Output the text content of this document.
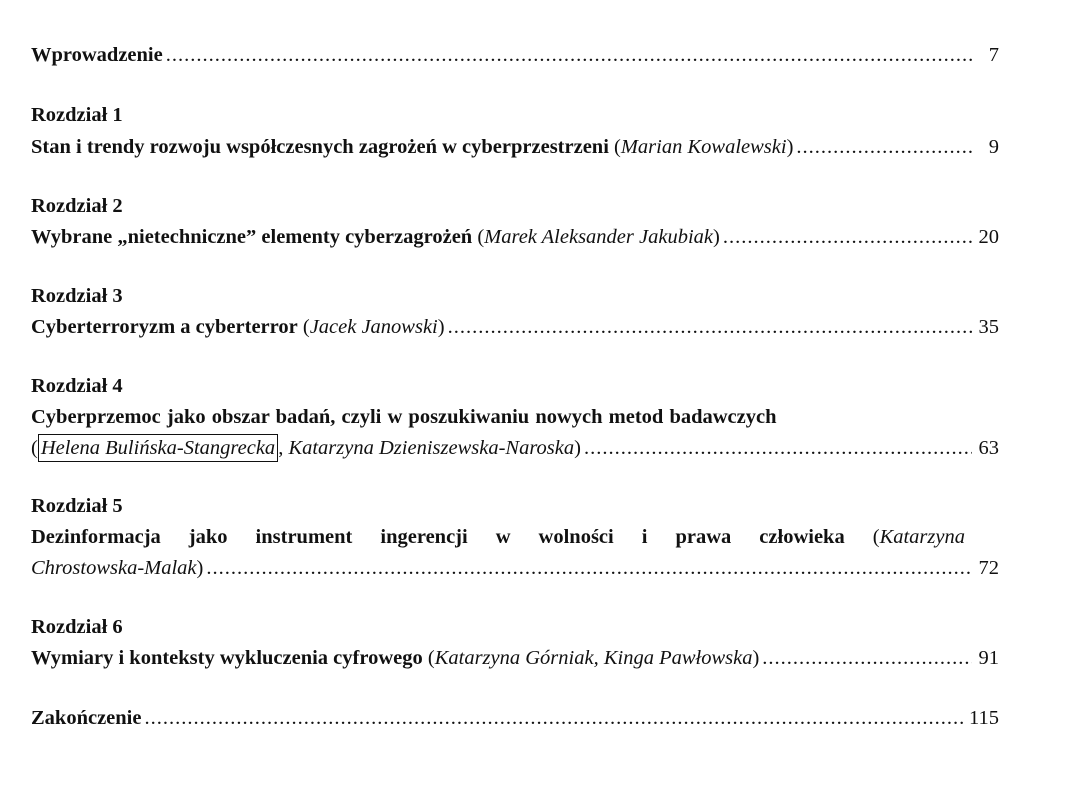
Wprowadzenie .....	7
Rozdział 1
Stan i trendy rozwoju współczesnych zagrożeń w cyberprzestrzeni ( Marian Kowalewski ) .....	9
Rozdział 2
Wybrane „nietechniczne” elementy cyberzagrożeń ( Marek Aleksander Jakubiak ) .....	20
Rozdział 3
Cyberterroryzm a cyberterror ( Jacek Janowski ) .....	35
Rozdział 4
Cyberprzemoc jako obszar badań, czyli w poszukiwaniu nowych metod badawczych
( Helena Bulińska-Stangrecka , Katarzyna Dzieniszewska-Naroska ) .....	63
Rozdział 5
Dezinformacja jako instrument ingerencji w wolności i prawa człowieka (Katarzyna
Chrostowska-Malak ) .....	72
Rozdział 6
Wymiary i konteksty wykluczenia cyfrowego ( Katarzyna Górniak, Kinga Pawłowska ) .....	91
Zakończenie .....	115
